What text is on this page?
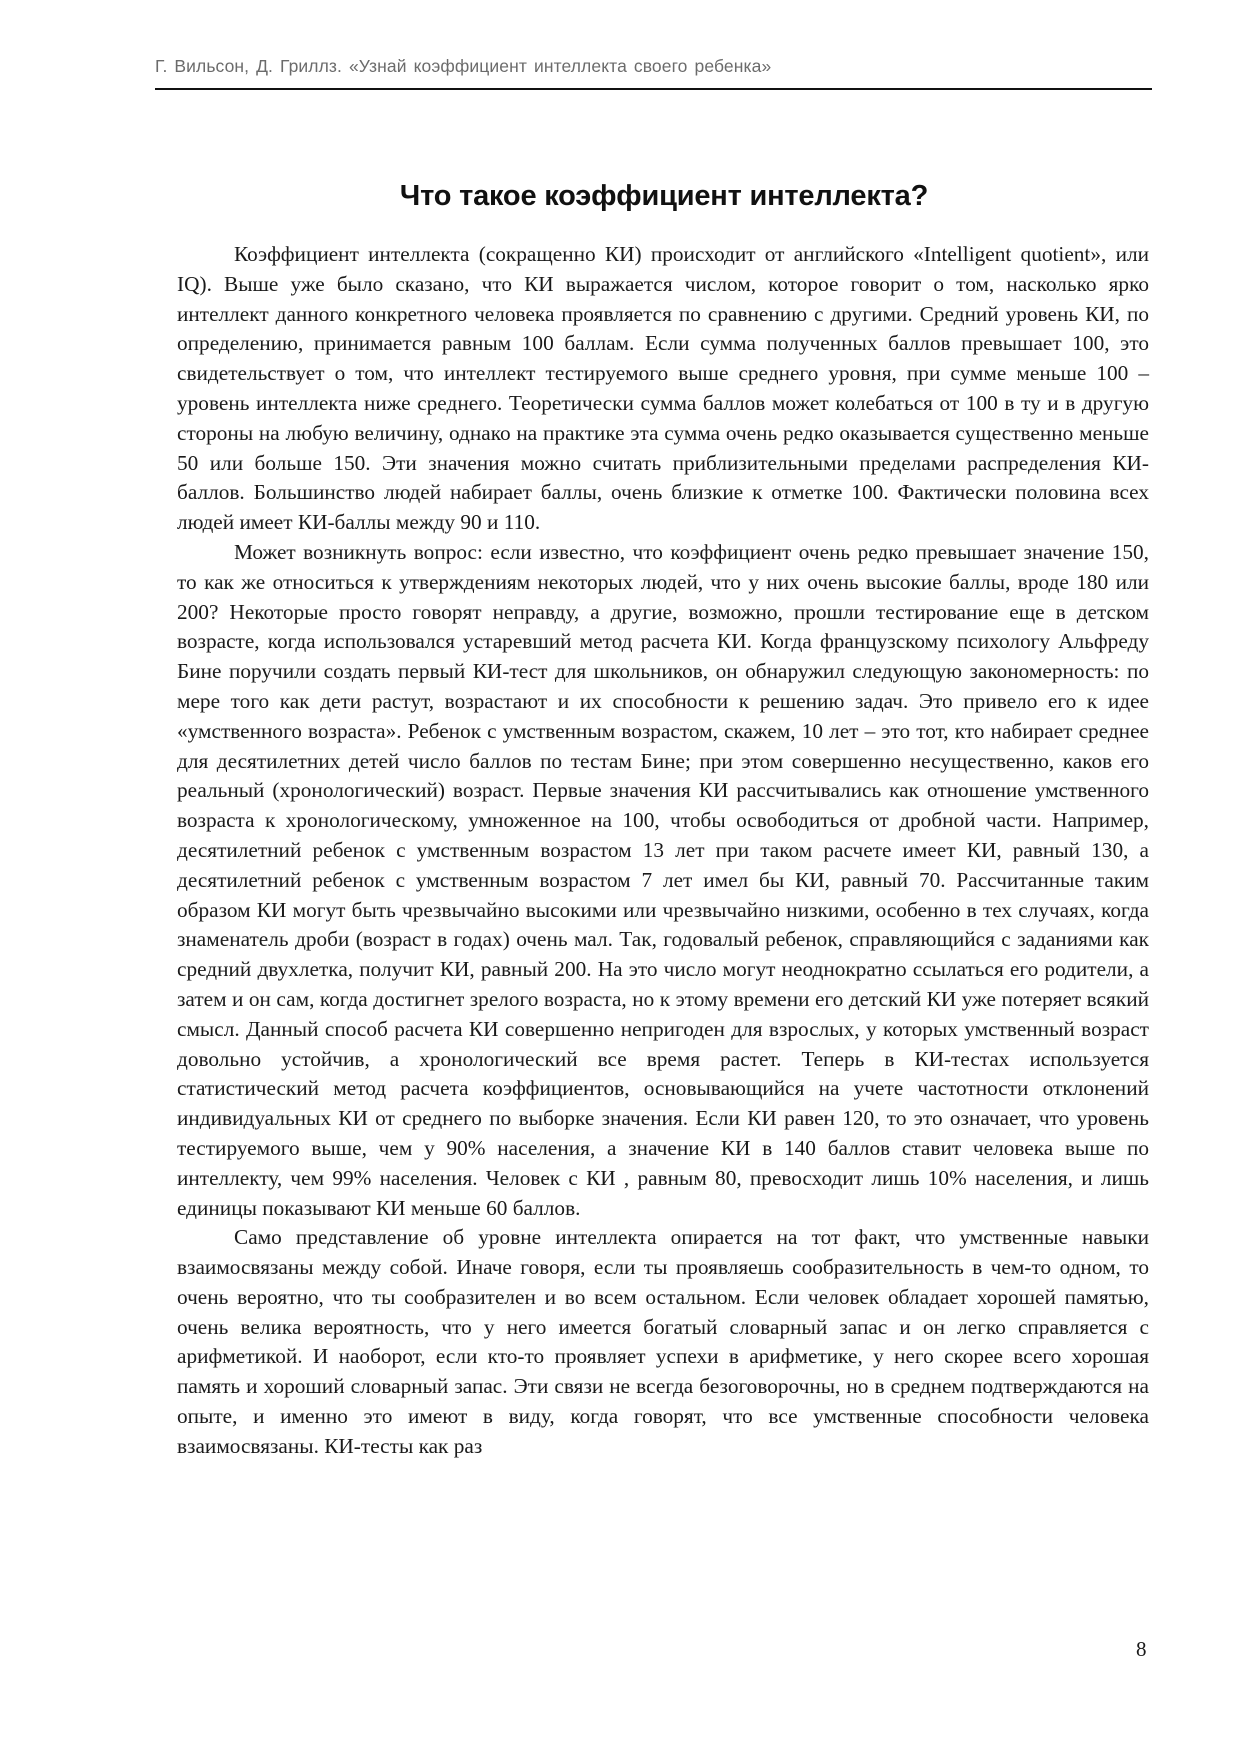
Г. Вильсон, Д. Гриллз. «Узнай коэффициент интеллекта своего ребенка»
Что такое коэффициент интеллекта?

Коэффициент интеллекта (сокращенно КИ) происходит от английского «Intelligent quotient», или IQ). Выше уже было сказано, что КИ выражается числом, которое говорит о том, насколько ярко интеллект данного конкретного человека проявляется по сравнению с другими. Средний уровень КИ, по определению, принимается равным 100 баллам. Если сумма полученных баллов превышает 100, это свидетельствует о том, что интеллект тестируемого выше среднего уровня, при сумме меньше 100 – уровень интеллекта ниже среднего. Теоретически сумма баллов может колебаться от 100 в ту и в другую стороны на любую величину, однако на практике эта сумма очень редко оказывается существенно меньше 50 или больше 150. Эти значения можно считать приблизительными пределами распределения КИ-баллов. Большинство людей набирает баллы, очень близкие к отметке 100. Фактически половина всех людей имеет КИ-баллы между 90 и 110.

Может возникнуть вопрос: если известно, что коэффициент очень редко превышает значение 150, то как же относиться к утверждениям некоторых людей, что у них очень высокие баллы, вроде 180 или 200? Некоторые просто говорят неправду, а другие, возможно, прошли тестирование еще в детском возрасте, когда использовался устаревший метод расчета КИ. Когда французскому психологу Альфреду Бине поручили создать первый КИ-тест для школьников, он обнаружил следующую закономерность: по мере того как дети растут, возрастают и их способности к решению задач. Это привело его к идее «умственного возраста». Ребенок с умственным возрастом, скажем, 10 лет – это тот, кто набирает среднее для десятилетних детей число баллов по тестам Бине; при этом совершенно несущественно, каков его реальный (хронологический) возраст. Первые значения КИ рассчитывались как отношение умственного возраста к хронологическому, умноженное на 100, чтобы освободиться от дробной части. Например, десятилетний ребенок с умственным возрастом 13 лет при таком расчете имеет КИ, равный 130, а десятилетний ребенок с умственным возрастом 7 лет имел бы КИ, равный 70. Рассчитанные таким образом КИ могут быть чрезвычайно высокими или чрезвычайно низкими, особенно в тех случаях, когда знаменатель дроби (возраст в годах) очень мал. Так, годовалый ребенок, справляющийся с заданиями как средний двухлетка, получит КИ, равный 200. На это число могут неоднократно ссылаться его родители, а затем и он сам, когда достигнет зрелого возраста, но к этому времени его детский КИ уже потеряет всякий смысл. Данный способ расчета КИ совершенно непригоден для взрослых, у которых умственный возраст довольно устойчив, а хронологический все время растет. Теперь в КИ-тестах используется статистический метод расчета коэффициентов, основывающийся на учете частотности отклонений индивидуальных КИ от среднего по выборке значения. Если КИ равен 120, то это означает, что уровень тестируемого выше, чем у 90% населения, а значение КИ в 140 баллов ставит человека выше по интеллекту, чем 99% населения. Человек с КИ , равным 80, превосходит лишь 10% населения, и лишь единицы показывают КИ меньше 60 баллов.

Само представление об уровне интеллекта опирается на тот факт, что умственные навыки взаимосвязаны между собой. Иначе говоря, если ты проявляешь сообразительность в чем-то одном, то очень вероятно, что ты сообразителен и во всем остальном. Если человек обладает хорошей памятью, очень велика вероятность, что у него имеется богатый словарный запас и он легко справляется с арифметикой. И наоборот, если кто-то проявляет успехи в арифметике, у него скорее всего хорошая память и хороший словарный запас. Эти связи не всегда безоговорочны, но в среднем подтверждаются на опыте, и именно это имеют в виду, когда говорят, что все умственные способности человека взаимосвязаны. КИ-тесты как раз

8
